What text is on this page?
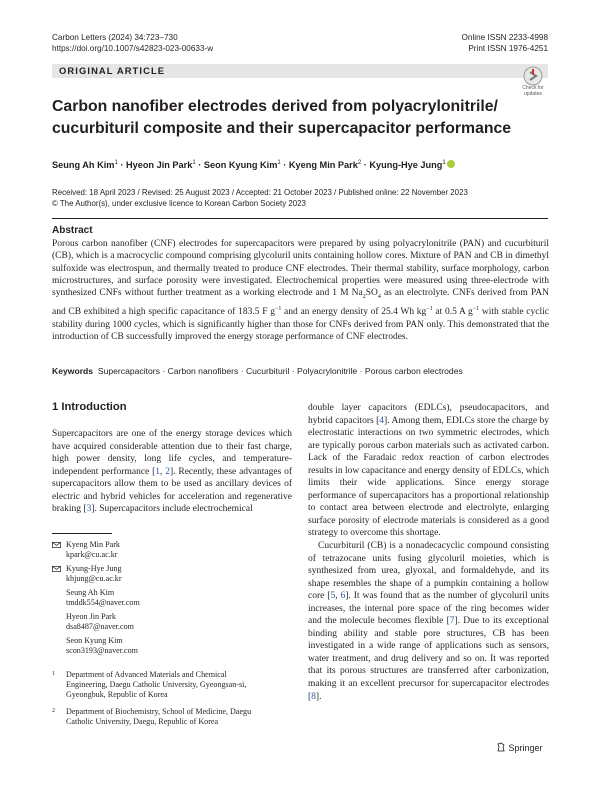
Carbon Letters (2024) 34:723–730
https://doi.org/10.1007/s42823-023-00633-w
Online ISSN 2233-4998
Print ISSN 1976-4251
ORIGINAL ARTICLE
Check for
updates
Carbon nanofiber electrodes derived from polyacrylonitrile/ cucurbituril composite and their supercapacitor performance
Seung Ah Kim$^1$ · Hyeon Jin Park$^1$ · Seon Kyung Kim$^1$ · Kyeng Min Park$^2$ · Kyung-Hye Jung$^1$
Received: 18 April 2023 / Revised: 25 August 2023 / Accepted: 21 October 2023 / Published online: 22 November 2023
© The Author(s), under exclusive licence to Korean Carbon Society 2023
Abstract
Porous carbon nanofiber (CNF) electrodes for supercapacitors were prepared by using polyacrylonitrile (PAN) and cucurbituril (CB), which is a macrocyclic compound comprising glycoluril units containing hollow cores. Mixture of PAN and CB in dimethyl sulfoxide was electrospun, and thermally treated to produce CNF electrodes. Their thermal stability, surface morphology, carbon microstructures, and surface porosity were investigated. Electrochemical properties were measured using three-electrode with synthesized CNFs without further treatment as a working electrode and 1 M $Na_2SO_4$ as an electrolyte. CNFs derived from PAN and CB exhibited a high specific capacitance of 183.5 F $g^{-1}$ and an energy density of 25.4 Wh $kg^{-1}$ at 0.5 A $g^{-1}$ with stable cyclic stability during 1000 cycles, which is significantly higher than those for CNFs derived from PAN only. This demonstrated that the introduction of CB successfully improved the energy storage performance of CNF electrodes.
Keywords Supercapacitors · Carbon nanofibers · Cucurbituril · Polyacrylonitrile · Porous carbon electrodes
1 Introduction

Supercapacitors are one of the energy storage devices which have acquired considerable attention due to their fast charge, high power density, long life cycles, and temperature-independent performance [1, 2]. Recently, these advantages of supercapacitors allow them to be used as ancillary devices of electric and hybrid vehicles for acceleration and regenerative braking [3]. Supercapacitors include electrochemical

Kyeng Min Park
kpark@cu.ac.kr
Kyung-Hye Jung
khjung@cu.ac.kr
Seung Ah Kim
tmddk554@naver.com
Hyeon Jin Park
dsa8487@naver.com
Seon Kyung Kim
scon3193@naver.com
1 Department of Advanced Materials and Chemical Engineering, Daegu Catholic University, Gyeongsan-si, Gyeongbuk, Republic of Korea
2 Department of Biochemistry, School of Medicine, Daegu Catholic University, Daegu, Republic of Korea

double layer capacitors (EDLCs), pseudocapacitors, and hybrid capacitors [4]. Among them, EDLCs store the charge by electrostatic interactions on two symmetric electrodes, which are typically porous carbon materials such as activated carbon. Lack of the Faradaic redox reaction of carbon electrodes results in low capacitance and energy density of EDLCs, which limits their wide applications. Since energy storage performance of supercapacitors has a proportional relationship to contact area between electrode and electrolyte, enlarging surface porosity of electrode materials is considered as a good strategy to overcome this shortage.

Cucurbituril (CB) is a nonadecacyclic compound consisting of tetrazocane units fusing glycoluril moieties, which is synthesized from urea, glyoxal, and formaldehyde, and its shape resembles the shape of a pumpkin containing a hollow core [5, 6]. It was found that as the number of glycoluril units increases, the internal pore space of the ring becomes wider and the molecule becomes flexible [7]. Due to its exceptional binding ability and stable pore structures, CB has been investigated in a wide range of applications such as sensors, water treatment, and drug delivery and so on. It was reported that its porous structures are transferred after carbonization, making it an excellent precursor for supercapacitor electrodes [8].

Springer
